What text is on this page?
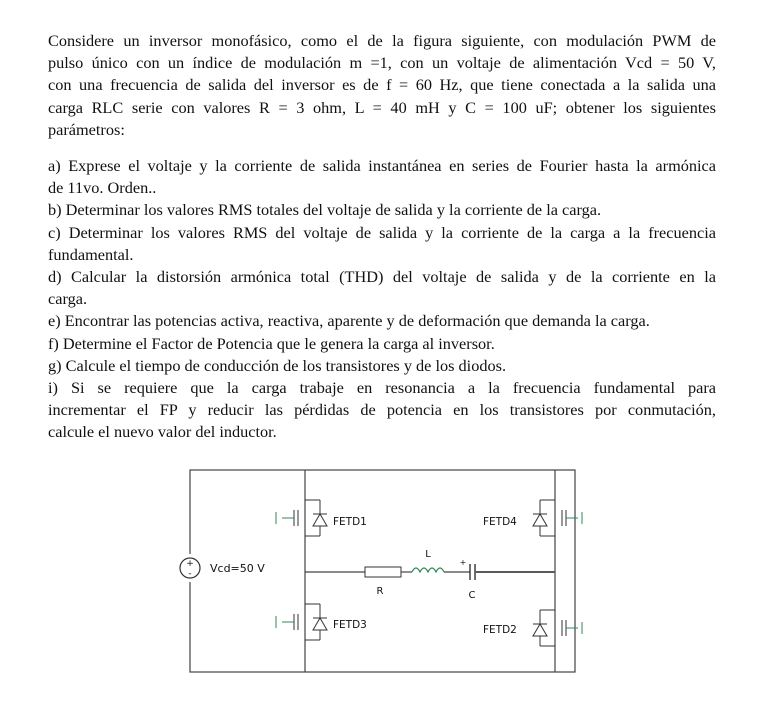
Considere un inversor monofásico, como el de la figura siguiente, con modulación PWM de
pulso único con un índice de modulación m =1, con un voltaje de alimentación Vcd = 50 V,
con una frecuencia de salida del inversor es de f = 60 Hz, que tiene conectada a la salida una
carga RLC serie con valores R = 3 ohm, L = 40 mH y C = 100 uF; obtener los siguientes
parámetros:

a) Exprese el voltaje y la corriente de salida instantánea en series de Fourier hasta la armónica
de 11vo. Orden..
b) Determinar los valores RMS totales del voltaje de salida y la corriente de la carga.
c) Determinar los valores RMS del voltaje de salida y la corriente de la carga a la frecuencia
fundamental.
d) Calcular la distorsión armónica total (THD) del voltaje de salida y de la corriente en la
carga.
e) Encontrar las potencias activa, reactiva, aparente y de deformación que demanda la carga.
f) Determine el Factor de Potencia que le genera la carga al inversor.
g) Calcule el tiempo de conducción de los transistores y de los diodos.
i) Si se requiere que la carga trabaje en resonancia a la frecuencia fundamental para
incrementar el FP y reducir las pérdidas de potencia en los transistores por conmutación,
calcule el nuevo valor del inductor.

+
- Vcd=50 V
R
L
C
+
FETD1
FETD3
FETD4
FETD2
